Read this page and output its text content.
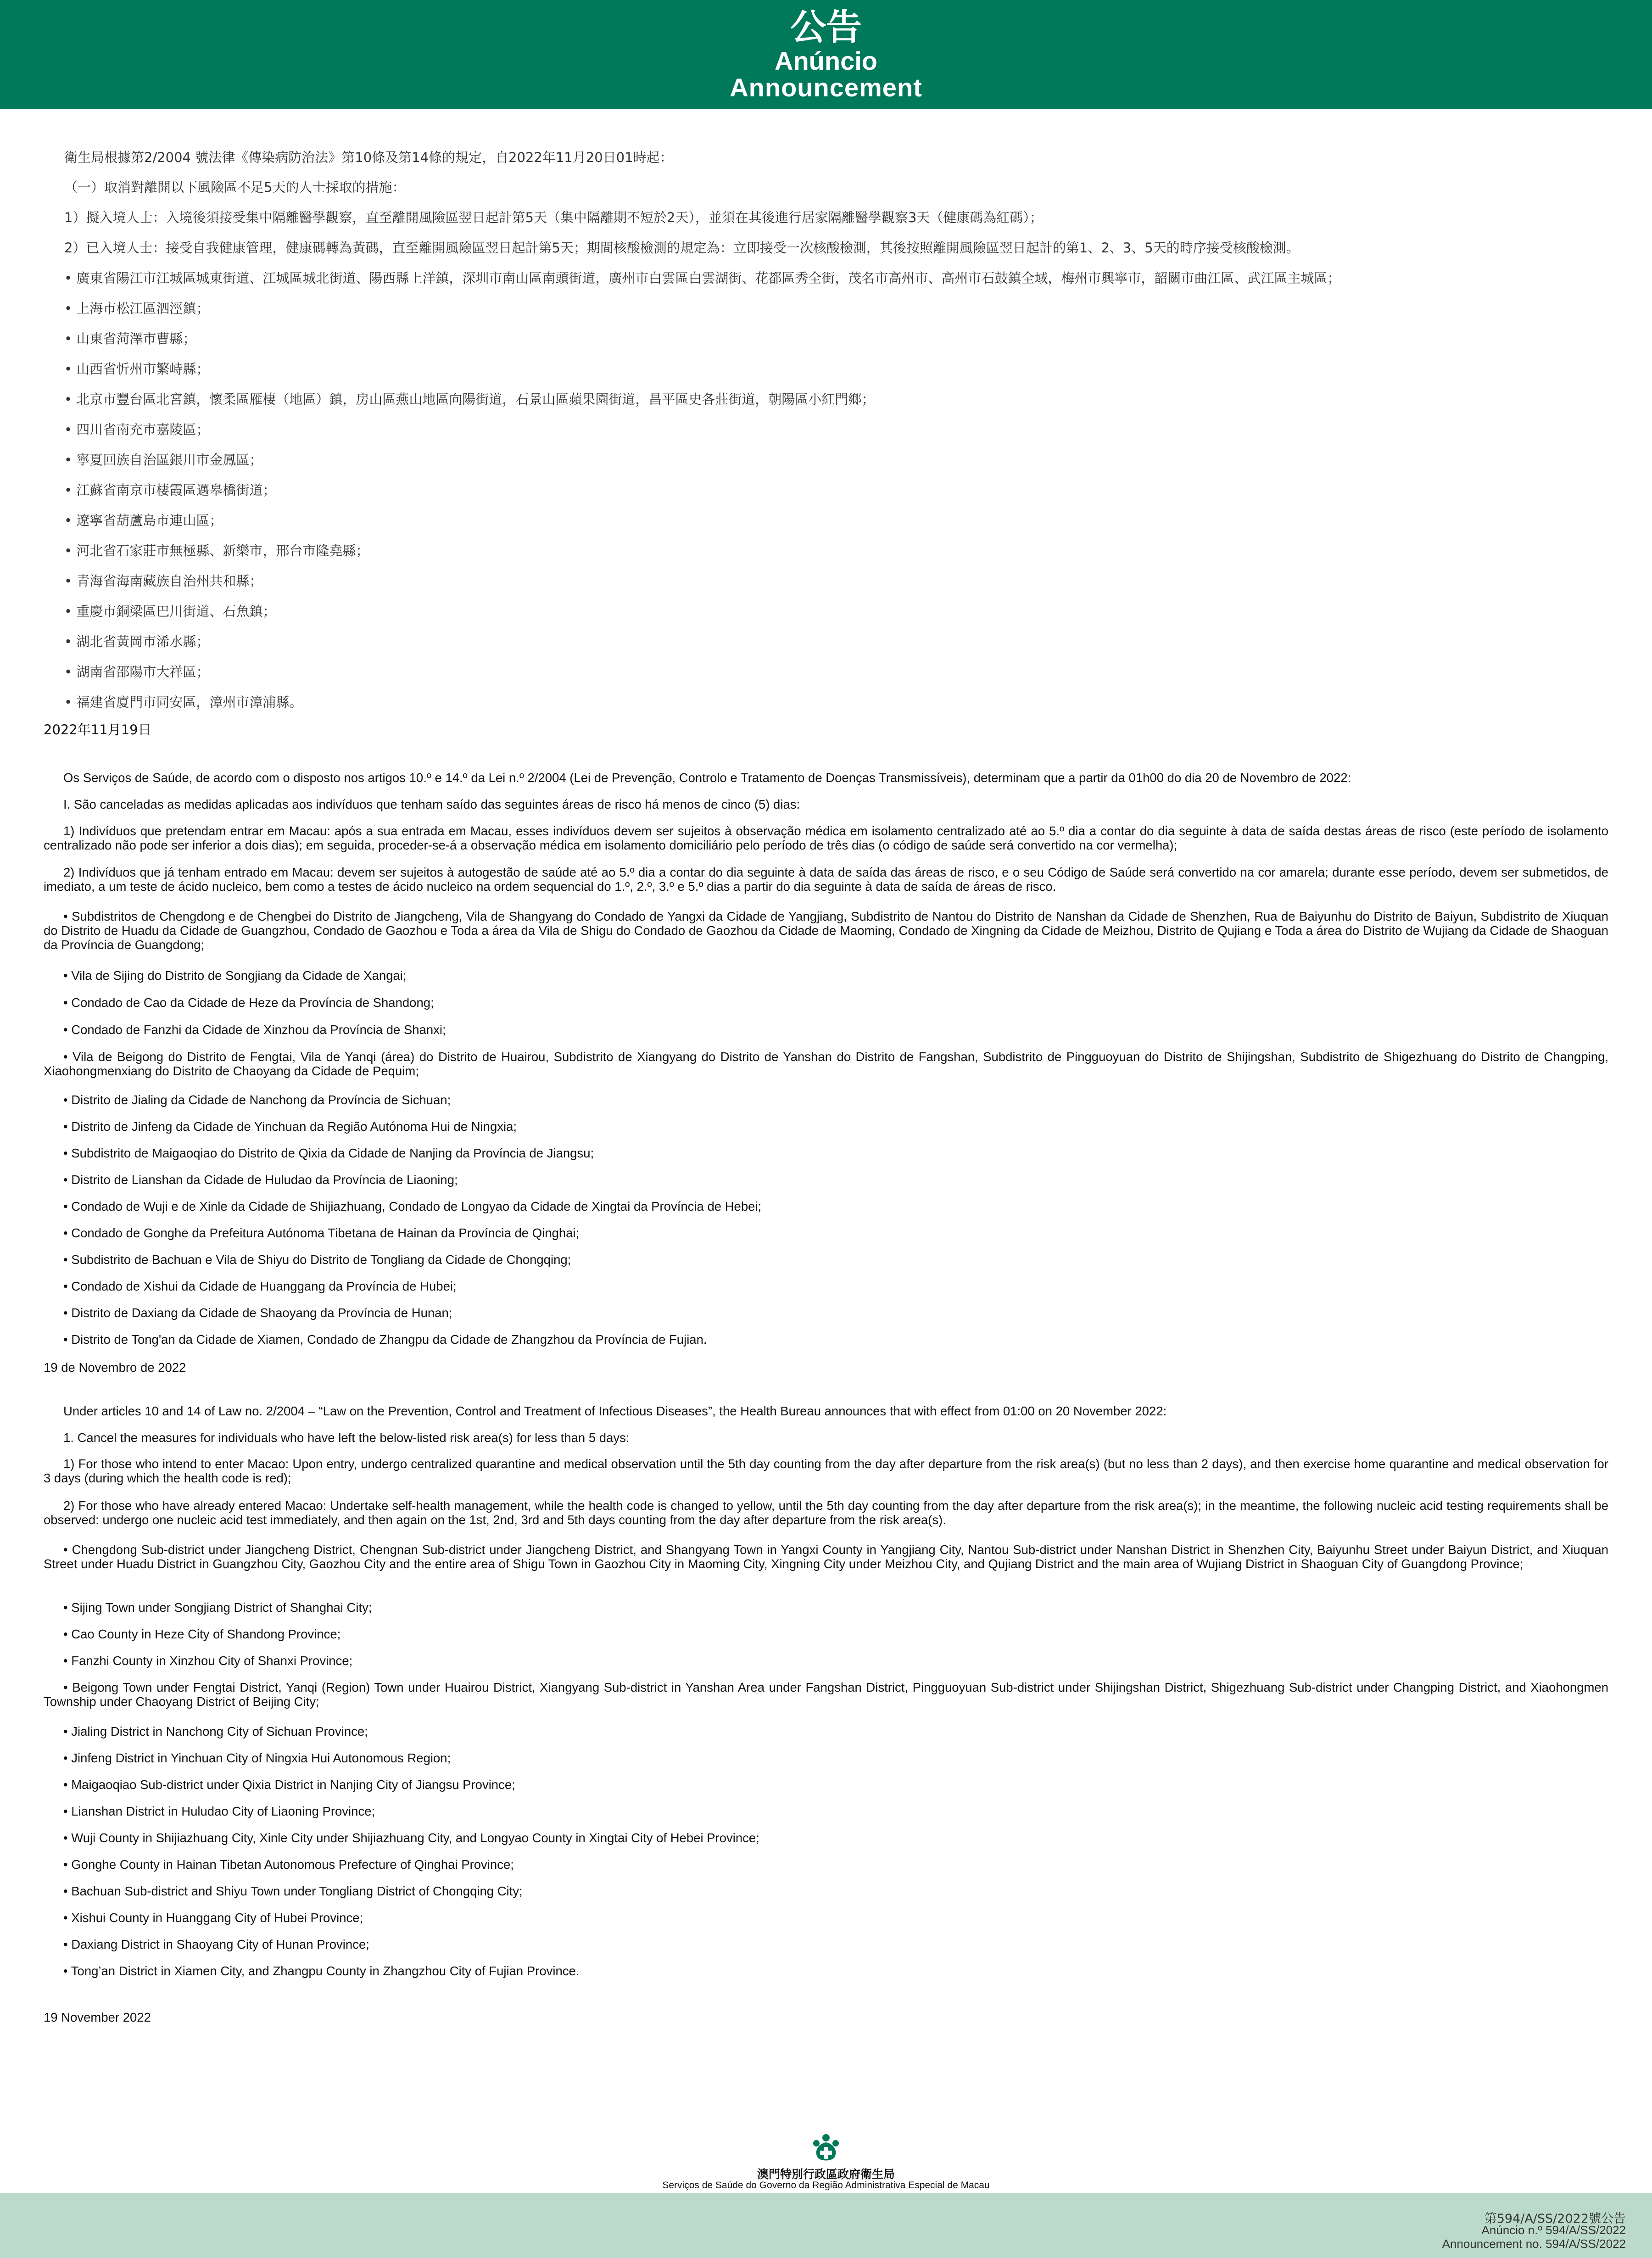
公告
Anúncio
Announcement

衛生局根據第2/2004 號法律《傳染病防治法》第10條及第14條的規定，自2022年11月20日01時起：

（一）取消對離開以下風險區不足5天的人士採取的措施：

1）擬入境人士：入境後須接受集中隔離醫學觀察，直至離開風險區翌日起計第5天（集中隔離期不短於2天），並須在其後進行居家隔離醫學觀察3天（健康碼為紅碼）；

2）已入境人士：接受自我健康管理，健康碼轉為黃碼，直至離開風險區翌日起計第5天；期間核酸檢測的規定為：立即接受一次核酸檢測，其後按照離開風險區翌日起計的第1、2、3、5天的時序接受核酸檢測。

• 廣東省陽江市江城區城東街道、江城區城北街道、陽西縣上洋鎮，深圳市南山區南頭街道，廣州市白雲區白雲湖街、花都區秀全街，茂名市高州市、高州市石鼓鎮全域，梅州市興寧市，韶關市曲江區、武江區主城區；

• 上海市松江區泗涇鎮；

• 山東省菏澤市曹縣；

• 山西省忻州市繁峙縣；

• 北京市豐台區北宮鎮，懷柔區雁棲（地區）鎮，房山區燕山地區向陽街道，石景山區蘋果園街道，昌平區史各莊街道，朝陽區小紅門鄉；

• 四川省南充市嘉陵區；

• 寧夏回族自治區銀川市金鳳區；

• 江蘇省南京市棲霞區邁皋橋街道；

• 遼寧省葫蘆島市連山區；

• 河北省石家莊市無極縣、新樂市，邢台市隆堯縣；

• 青海省海南藏族自治州共和縣；

• 重慶市銅梁區巴川街道、石魚鎮；

• 湖北省黃岡市浠水縣；

• 湖南省邵陽市大祥區；

• 福建省廈門市同安區，漳州市漳浦縣。

2022年11月19日

Os Serviços de Saúde, de acordo com o disposto nos artigos 10.º e 14.º da Lei n.º 2/2004 (Lei de Prevenção, Controlo e Tratamento de Doenças Transmissíveis), determinam que a partir da 01h00 do dia 20 de Novembro de 2022:

I. São canceladas as medidas aplicadas aos indivíduos que tenham saído das seguintes áreas de risco há menos de cinco (5) dias:

1) Indivíduos que pretendam entrar em Macau: após a sua entrada em Macau, esses indivíduos devem ser sujeitos à observação médica em isolamento centralizado até ao 5.º dia a contar do dia seguinte à data de saída destas áreas de risco (este período de isolamento centralizado não pode ser inferior a dois dias); em seguida, proceder-se-á a observação médica em isolamento domiciliário pelo período de três dias (o código de saúde será convertido na cor vermelha);

2) Indivíduos que já tenham entrado em Macau: devem ser sujeitos à autogestão de saúde até ao 5.º dia a contar do dia seguinte à data de saída das áreas de risco, e o seu Código de Saúde será convertido na cor amarela; durante esse período, devem ser submetidos, de imediato, a um teste de ácido nucleico, bem como a testes de ácido nucleico na ordem sequencial do 1.º, 2.º, 3.º e 5.º dias a partir do dia seguinte à data de saída de áreas de risco.

• Subdistritos de Chengdong e de Chengbei do Distrito de Jiangcheng, Vila de Shangyang do Condado de Yangxi da Cidade de Yangjiang, Subdistrito de Nantou do Distrito de Nanshan da Cidade de Shenzhen, Rua de Baiyunhu do Distrito de Baiyun, Subdistrito de Xiuquan do Distrito de Huadu da Cidade de Guangzhou, Condado de Gaozhou e Toda a área da Vila de Shigu do Condado de Gaozhou da Cidade de Maoming, Condado de Xingning da Cidade de Meizhou, Distrito de Qujiang e Toda a área do Distrito de Wujiang da Cidade de Shaoguan da Província de Guangdong;

• Vila de Sijing do Distrito de Songjiang da Cidade de Xangai;

• Condado de Cao da Cidade de Heze da Província de Shandong;

• Condado de Fanzhi da Cidade de Xinzhou da Província de Shanxi;

• Vila de Beigong do Distrito de Fengtai, Vila de Yanqi (área) do Distrito de Huairou, Subdistrito de Xiangyang do Distrito de Yanshan do Distrito de Fangshan, Subdistrito de Pingguoyuan do Distrito de Shijingshan, Subdistrito de Shigezhuang do Distrito de Changping, Xiaohongmenxiang do Distrito de Chaoyang da Cidade de Pequim;

• Distrito de Jialing da Cidade de Nanchong da Província de Sichuan;

• Distrito de Jinfeng da Cidade de Yinchuan da Região Autónoma Hui de Ningxia;

• Subdistrito de Maigaoqiao do Distrito de Qixia da Cidade de Nanjing da Província de Jiangsu;

• Distrito de Lianshan da Cidade de Huludao da Província de Liaoning;

• Condado de Wuji e de Xinle da Cidade de Shijiazhuang, Condado de Longyao da Cidade de Xingtai da Província de Hebei;

• Condado de Gonghe da Prefeitura Autónoma Tibetana de Hainan da Província de Qinghai;

• Subdistrito de Bachuan e Vila de Shiyu do Distrito de Tongliang da Cidade de Chongqing;

• Condado de Xishui da Cidade de Huanggang da Província de Hubei;

• Distrito de Daxiang da Cidade de Shaoyang da Província de Hunan;

• Distrito de Tong'an da Cidade de Xiamen, Condado de Zhangpu da Cidade de Zhangzhou da Província de Fujian.

19 de Novembro de 2022

Under articles 10 and 14 of Law no. 2/2004 – “Law on the Prevention, Control and Treatment of Infectious Diseases”, the Health Bureau announces that with effect from 01:00 on 20 November 2022:

1. Cancel the measures for individuals who have left the below-listed risk area(s) for less than 5 days:

1) For those who intend to enter Macao: Upon entry, undergo centralized quarantine and medical observation until the 5th day counting from the day after departure from the risk area(s) (but no less than 2 days), and then exercise home quarantine and medical observation for 3 days (during which the health code is red);

2) For those who have already entered Macao: Undertake self-health management, while the health code is changed to yellow, until the 5th day counting from the day after departure from the risk area(s); in the meantime, the following nucleic acid testing requirements shall be observed: undergo one nucleic acid test immediately, and then again on the 1st, 2nd, 3rd and 5th days counting from the day after departure from the risk area(s).

• Chengdong Sub-district under Jiangcheng District, Chengnan Sub-district under Jiangcheng District, and Shangyang Town in Yangxi County in Yangjiang City, Nantou Sub-district under Nanshan District in Shenzhen City, Baiyunhu Street under Baiyun District, and Xiuquan Street under Huadu District in Guangzhou City, Gaozhou City and the entire area of Shigu Town in Gaozhou City in Maoming City, Xingning City under Meizhou City, and Qujiang District and the main area of Wujiang District in Shaoguan City of Guangdong Province;

• Sijing Town under Songjiang District of Shanghai City;

• Cao County in Heze City of Shandong Province;

• Fanzhi County in Xinzhou City of Shanxi Province;

• Beigong Town under Fengtai District, Yanqi (Region) Town under Huairou District, Xiangyang Sub-district in Yanshan Area under Fangshan District, Pingguoyuan Sub-district under Shijingshan District, Shigezhuang Sub-district under Changping District, and Xiaohongmen Township under Chaoyang District of Beijing City;

• Jialing District in Nanchong City of Sichuan Province;

• Jinfeng District in Yinchuan City of Ningxia Hui Autonomous Region;

• Maigaoqiao Sub-district under Qixia District in Nanjing City of Jiangsu Province;

• Lianshan District in Huludao City of Liaoning Province;

• Wuji County in Shijiazhuang City, Xinle City under Shijiazhuang City, and Longyao County in Xingtai City of Hebei Province;

• Gonghe County in Hainan Tibetan Autonomous Prefecture of Qinghai Province;

• Bachuan Sub-district and Shiyu Town under Tongliang District of Chongqing City;

• Xishui County in Huanggang City of Hubei Province;

• Daxiang District in Shaoyang City of Hunan Province;

• Tong’an District in Xiamen City, and Zhangpu County in Zhangzhou City of Fujian Province.

19 November 2022
澳門特別行政區政府衛生局
Serviços de Saúde do Governo da Região Administrativa Especial de Macau
第594/A/SS/2022號公告
Anúncio n.º 594/A/SS/2022
Announcement no. 594/A/SS/2022
